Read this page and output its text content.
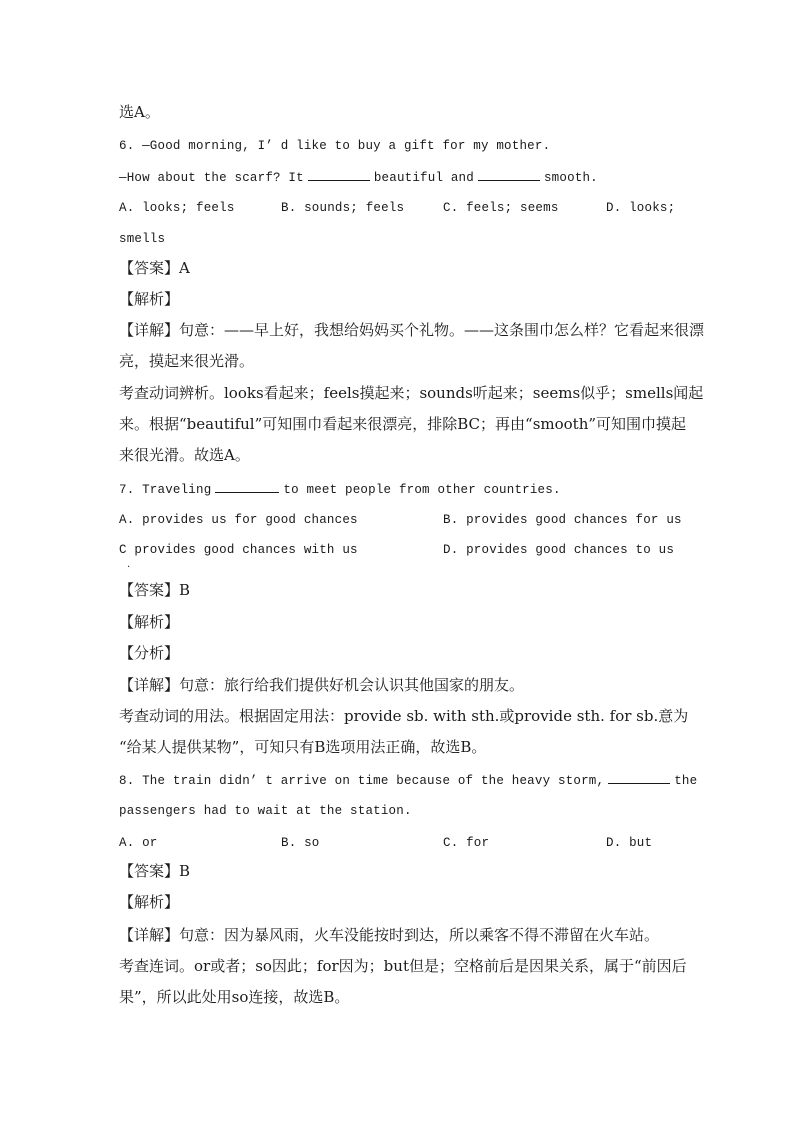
选A。
6. —Good morning, I’ d like to buy a gift for my mother.
—How about the scarf? It	beautiful and	smooth.
A. looks; feels	B. sounds; feels	C. feels; seems	D. looks;
smells
【答案】A
【解析】
【详解】句意：——早上好，我想给妈妈买个礼物。——这条围巾怎么样？它看起来很漂
亮，摸起来很光滑。
考查动词辨析。looks看起来；feels摸起来；sounds听起来；seems似乎；smells闻起
来。根据“beautiful”可知围巾看起来很漂亮，排除BC；再由“smooth”可知围巾摸起
来很光滑。故选A。
7. Traveling	to meet people from other countries.
A. provides us for good chances	B. provides good chances for us
C provides good chances with us	D. provides good chances to us
.
【答案】B
【解析】
【分析】
【详解】句意：旅行给我们提供好机会认识其他国家的朋友。
考查动词的用法。根据固定用法：provide sb. with sth.或provide sth. for sb.意为
“给某人提供某物”，可知只有B选项用法正确，故选B。
8. The train didn’ t arrive on time because of the heavy storm,	the
passengers had to wait at the station.
A. or	B. so	C. for	D. but
【答案】B
【解析】
【详解】句意：因为暴风雨，火车没能按时到达，所以乘客不得不滞留在火车站。
考查连词。or或者；so因此；for因为；but但是；空格前后是因果关系，属于“前因后
果”，所以此处用so连接，故选B。
